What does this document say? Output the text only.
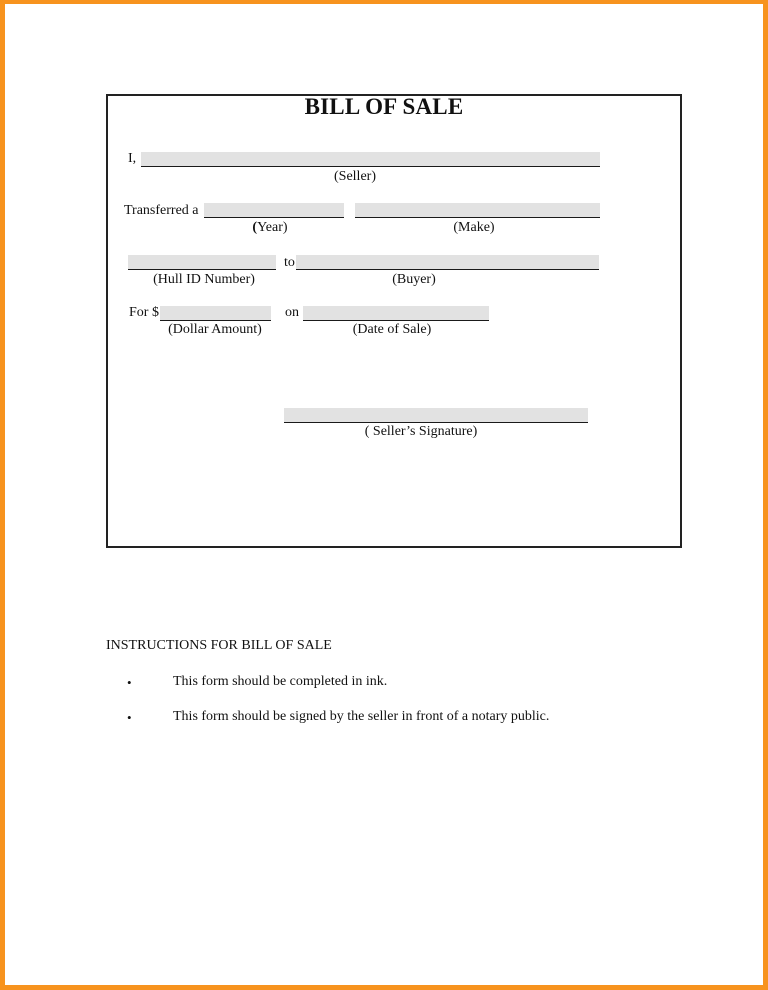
BILL OF SALE
I,
(Seller)
Transferred a
(Year)	(Make)
to
(Hull ID Number)	(Buyer)
For $	on
(Dollar Amount)	(Date of Sale)
( Seller’s Signature)
INSTRUCTIONS FOR BILL OF SALE
•	This form should be completed in ink.
•	This form should be signed by the seller in front of a notary public.
